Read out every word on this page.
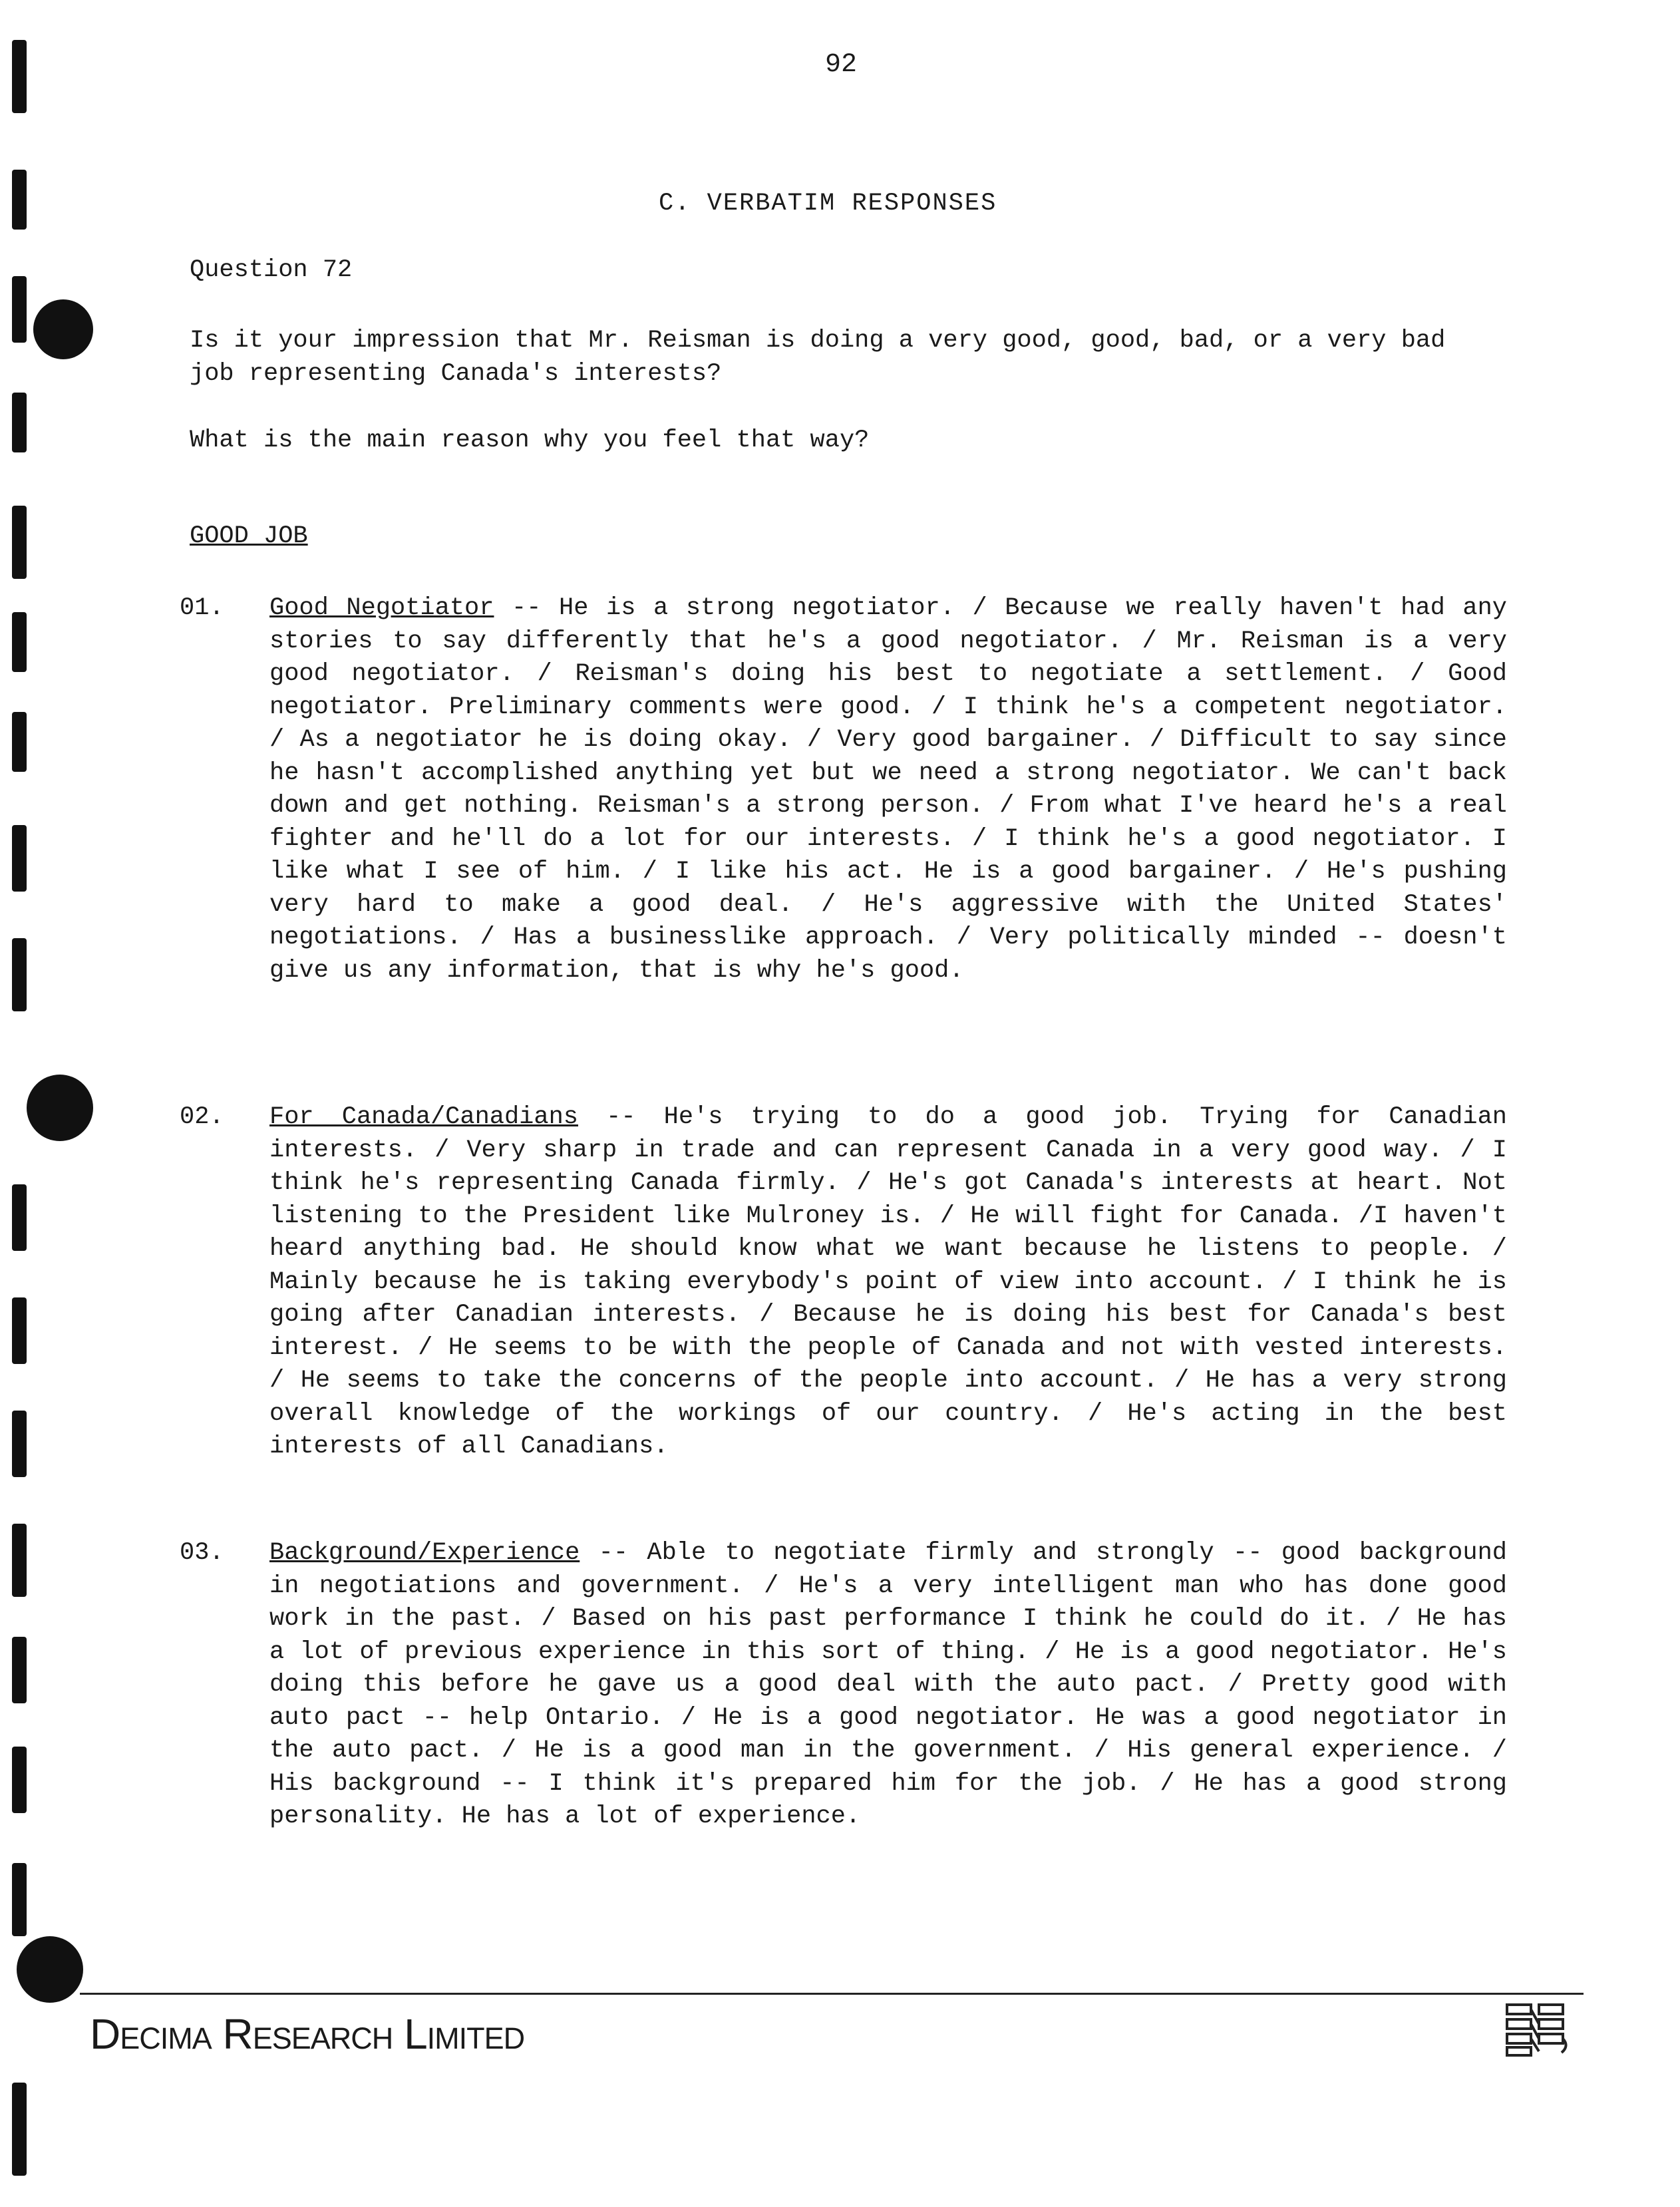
92
C. VERBATIM RESPONSES
Question 72

Is it your impression that Mr. Reisman is doing a very good, good, bad, or a very bad job representing Canada's interests?

What is the main reason why you feel that way?

GOOD JOB
01. Good Negotiator -- He is a strong negotiator. / Because we really haven't had any stories to say differently that he's a good negotiator. / Mr. Reisman is a very good negotiator. / Reisman's doing his best to negotiate a settlement. / Good negotiator. Preliminary comments were good. / I think he's a competent negotiator. / As a negotiator he is doing okay. / Very good bargainer. / Difficult to say since he hasn't accomplished anything yet but we need a strong negotiator. We can't back down and get nothing. Reisman's a strong person. / From what I've heard he's a real fighter and he'll do a lot for our interests. / I think he's a good negotiator. I like what I see of him. / I like his act. He is a good bargainer. / He's pushing very hard to make a good deal. / He's aggressive with the United States' negotiations. / Has a businesslike approach. / Very politically minded -- doesn't give us any information, that is why he's good.
02. For Canada/Canadians -- He's trying to do a good job. Trying for Canadian interests. / Very sharp in trade and can represent Canada in a very good way. / I think he's representing Canada firmly. / He's got Canada's interests at heart. Not listening to the President like Mulroney is. / He will fight for Canada. /I haven't heard anything bad. He should know what we want because he listens to people. / Mainly because he is taking everybody's point of view into account. / I think he is going after Canadian interests. / Because he is doing his best for Canada's best interest. / He seems to be with the people of Canada and not with vested interests. / He seems to take the concerns of the people into account. / He has a very strong overall knowledge of the workings of our country. / He's acting in the best interests of all Canadians.
03. Background/Experience -- Able to negotiate firmly and strongly -- good background in negotiations and government. / He's a very intelligent man who has done good work in the past. / Based on his past performance I think he could do it. / He has a lot of previous experience in this sort of thing. / He is a good negotiator. He's doing this before he gave us a good deal with the auto pact. / Pretty good with auto pact -- help Ontario. / He is a good negotiator. He was a good negotiator in the auto pact. / He is a good man in the government. / His general experience. / His background -- I think it's prepared him for the job. / He has a good strong personality. He has a lot of experience.
Decima Research Limited
